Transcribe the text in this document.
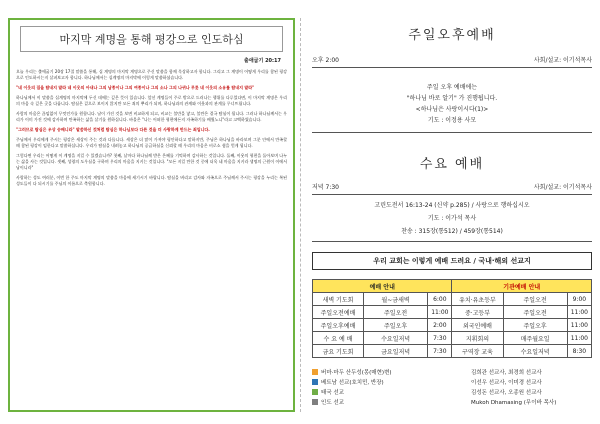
마지막 계명을 통해 평강으로 인도하심
출애굽기 20:17

오늘 우리는 출애굽기 20장 17절 말씀을 통해, 십 계명의 마지막 계명으로 주신 말씀을 함께 묵상하고자 합니다. 그리고 그 계명이 어떻게 우리를 참된 평강으로 인도하시는지 살펴보고자 합니다. 하나님께서는 십계명의 마지막에 이렇게 말씀하셨습니다.

"네 이웃의 집을 탐내지 말라 네 이웃의 아내나 그의 남종이나 그의 여종이나 그의 소나 그의 나귀나 무릇 네 이웃의 소유를 탐내지 말라"

하나님께서 이 말씀을 십계명의 마지막에 두신 데에는 깊은 뜻이 있습니다. 앞선 계명들이 주로 밖으로 드러나는 행위를 다루었다면, 이 마지막 계명은 우리의 마음 속 깊은 곳을 다룹니다. 탐심은 겉으로 보이지 않지만 모든 죄의 뿌리가 되며, 하나님과의 관계와 이웃과의 관계를 무너뜨립니다.

사람의 마음은 끊임없이 무엇인가를 원합니다. 남이 가진 것을 보면 비교하게 되고, 비교는 불만을 낳고, 불만은 결국 탐심이 됩니다. 그러나 하나님께서는 우리가 이미 가진 것에 감사하며 만족하는 삶을 살기를 원하십니다. 바울은 "나는 어떠한 형편에든지 자족하기를 배웠노니"라고 고백하였습니다.

"그러므로 탐심은 우상 숭배니라" 말씀하신 것처럼 탐심은 하나님보다 다른 것을 더 사랑하게 만드는 죄입니다.

주님께서 우리에게 주시는 평강은 세상이 주는 것과 다릅니다. 세상은 더 많이 가져야 평안하다고 말하지만, 주님은 하나님을 바라보며 그분 안에서 만족할 때 참된 평강이 임한다고 말씀하십니다. 우리가 탐심을 내려놓고 하나님의 공급하심을 신뢰할 때 우리의 마음은 비로소 쉼을 얻게 됩니다.

그렇다면 우리는 어떻게 이 계명을 지킬 수 있겠습니까? 첫째, 날마다 하나님께 받은 은혜를 기억하며 감사하는 것입니다. 둘째, 이웃의 형편을 돌아보며 나누는 삶을 사는 것입니다. 셋째, 성령의 도우심을 구하며 우리의 마음을 지키는 것입니다. "모든 지킬 만한 것 중에 더욱 네 마음을 지키라 생명의 근원이 이에서 남이니라"

사랑하는 성도 여러분, 이번 한 주도 마지막 계명의 말씀을 마음에 새기시기 바랍니다. 탐심을 버리고 감사와 자족으로 주님께서 주시는 평강을 누리는 복된 성도들이 다 되시기를 주님의 이름으로 축원합니다.

주일오후예배
오후 2:00	사회/설교: 이기석목사
주일 오후 예배에는
"하나님 바로 알기" 가 진행됩니다.
<하나님은 사랑이시다(1)>
기도 : 이정용 사모
수요 예배
저녁 7:30	사회/설교: 이기석목사
고린도전서 16:13-24 (신약 p.285) / 사랑으로 행하십시오
기도 : 이가석 목사
찬송 : 315장(통512) / 459장(통514)
우리 교회는 이렇게 예배 드려요 / 국내·해외 선교지
예배 안내			기관예배 안내		
새벽 기도회	월~금새벽	6:00	유치·유초등부	주일오전	9:00
주일오전예배	주일오전	11:00	중·고등부	주일오전	11:00
주일오후예배	주일오후	2:00	외국인예배	주일오후	11:00
수 요 예 배	수요일저녁	7:30	지휘회의	매주월요일	11:00
금요 기도회	금요일저녁	7:30	구역장 교육	수요일저녁	8:30
버마·마두 산두성(몽(매현)변)	김희관 선교사, 최경희 선교사
베트남 선교(호치민, 반장)	이선우 선교사, 이미경 선교사
태국 선교	김성돈 선교사, 오종원 선교사
인도 선교	Mukoh Dhamasing (무이바 목사)
